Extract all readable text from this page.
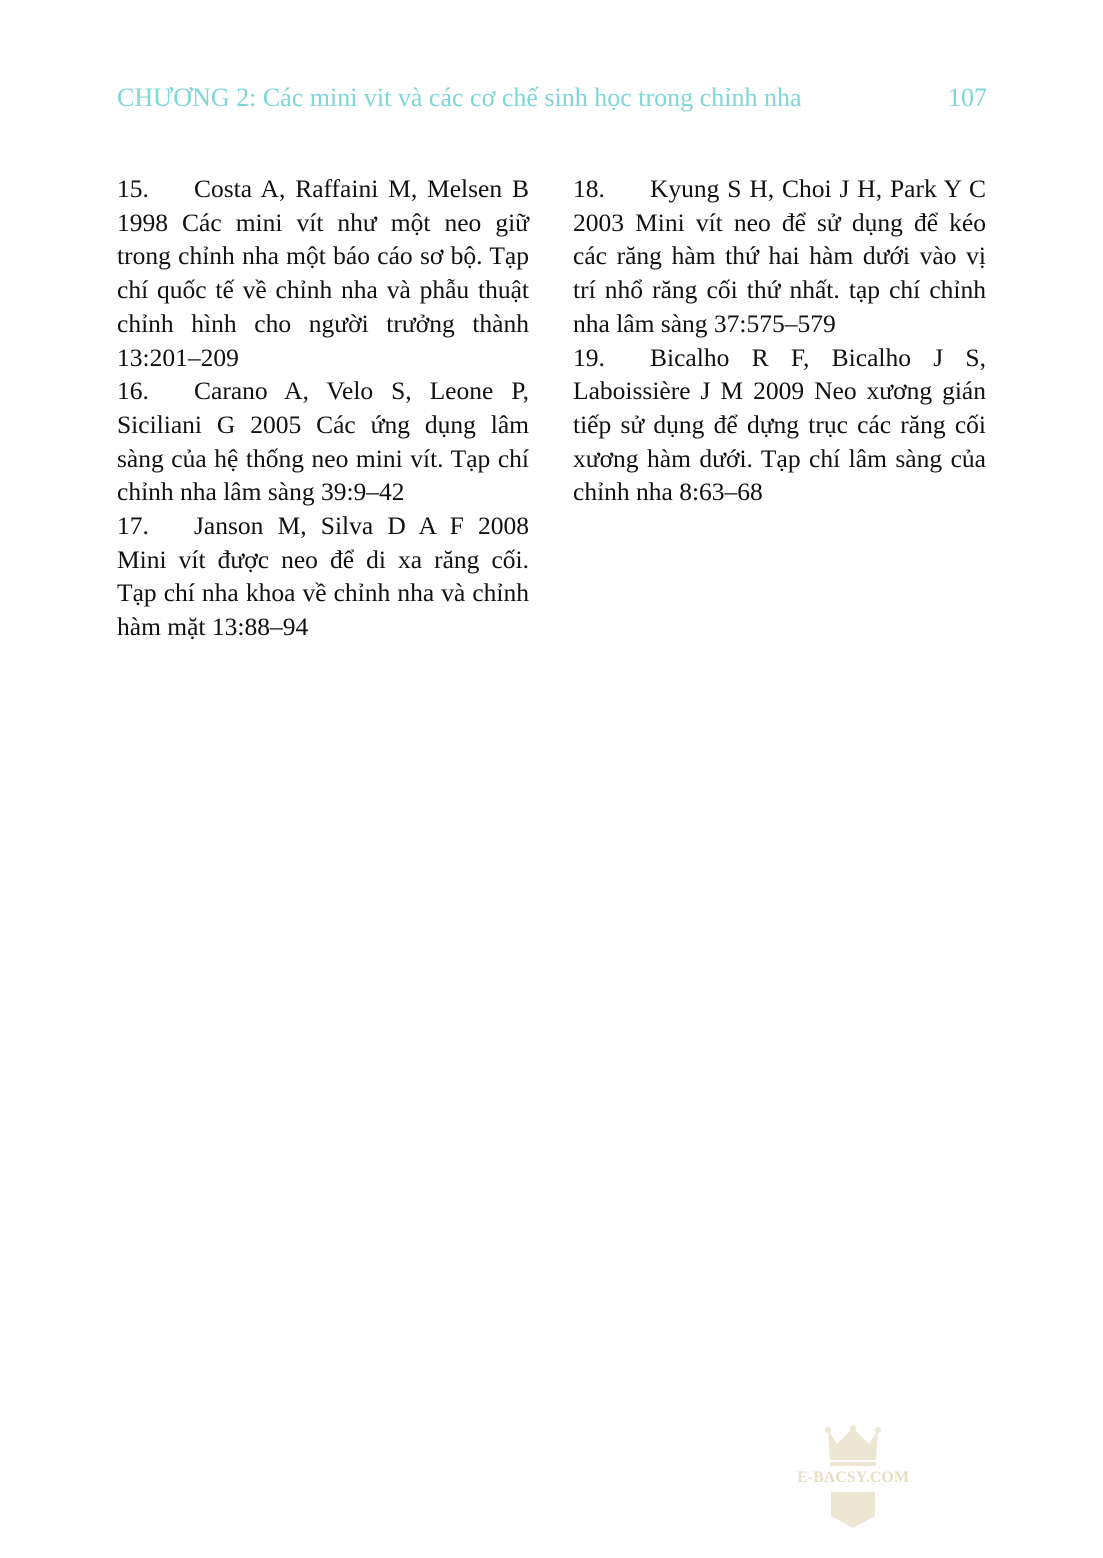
CHƯƠNG 2: Các mini vit và các cơ chế sinh học trong chỉnh nha	107

15. Costa A, Raffaini M, Melsen B 1998 Các mini vít như một neo giữ trong chỉnh nha một báo cáo sơ bộ. Tạp chí quốc tế về chỉnh nha và phẫu thuật chỉnh hình cho người trưởng thành 13:201–209

16. Carano A, Velo S, Leone P, Siciliani G 2005 Các ứng dụng lâm sàng của hệ thống neo mini vít. Tạp chí chỉnh nha lâm sàng 39:9–42

17. Janson M, Silva D A F 2008 Mini vít được neo để di xa răng cối. Tạp chí nha khoa về chỉnh nha và chỉnh hàm mặt 13:88–94

18. Kyung S H, Choi J H, Park Y C 2003 Mini vít neo để sử dụng để kéo các răng hàm thứ hai hàm dưới vào vị trí nhổ răng cối thứ nhất. tạp chí chỉnh nha lâm sàng 37:575–579

19. Bicalho R F, Bicalho J S, Laboissière J M 2009 Neo xương gián tiếp sử dụng để dựng trục các răng cối xương hàm dưới. Tạp chí lâm sàng của chỉnh nha 8:63–68

E-BACSY.COM
